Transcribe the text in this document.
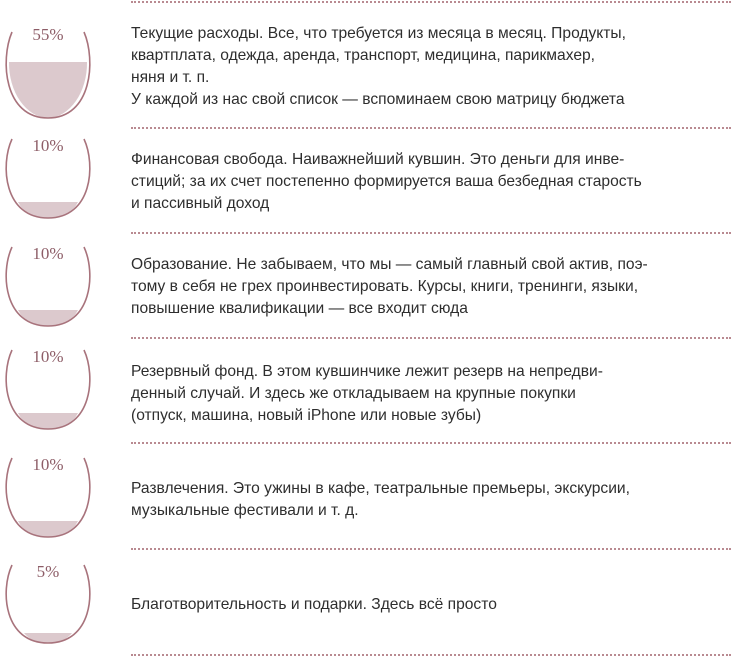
55%	Текущие расходы. Все, что требуется из месяца в месяц. Продукты,
квартплата, одежда, аренда, транспорт, медицина, парикмахер,
няня и т. п.
У каждой из нас свой список — вспоминаем свою матрицу бюджета
10%
Финансовая свобода. Наиважнейший кувшин. Это деньги для инве-
стиций; за их счет постепенно формируется ваша безбедная старость
и пассивный доход
10%
Образование. Не забываем, что мы — самый главный свой актив, поэ-
тому в себя не грех проинвестировать. Курсы, книги, тренинги, языки,
повышение квалификации — все входит сюда
10%
Резервный фонд. В этом кувшинчике лежит резерв на непредви-
денный случай. И здесь же откладываем на крупные покупки
(отпуск, машина, новый iPhone или новые зубы)
10%
Развлечения. Это ужины в кафе, театральные премьеры, экскурсии,
музыкальные фестивали и т. д.
5%
Благотворительность и подарки. Здесь всё просто
